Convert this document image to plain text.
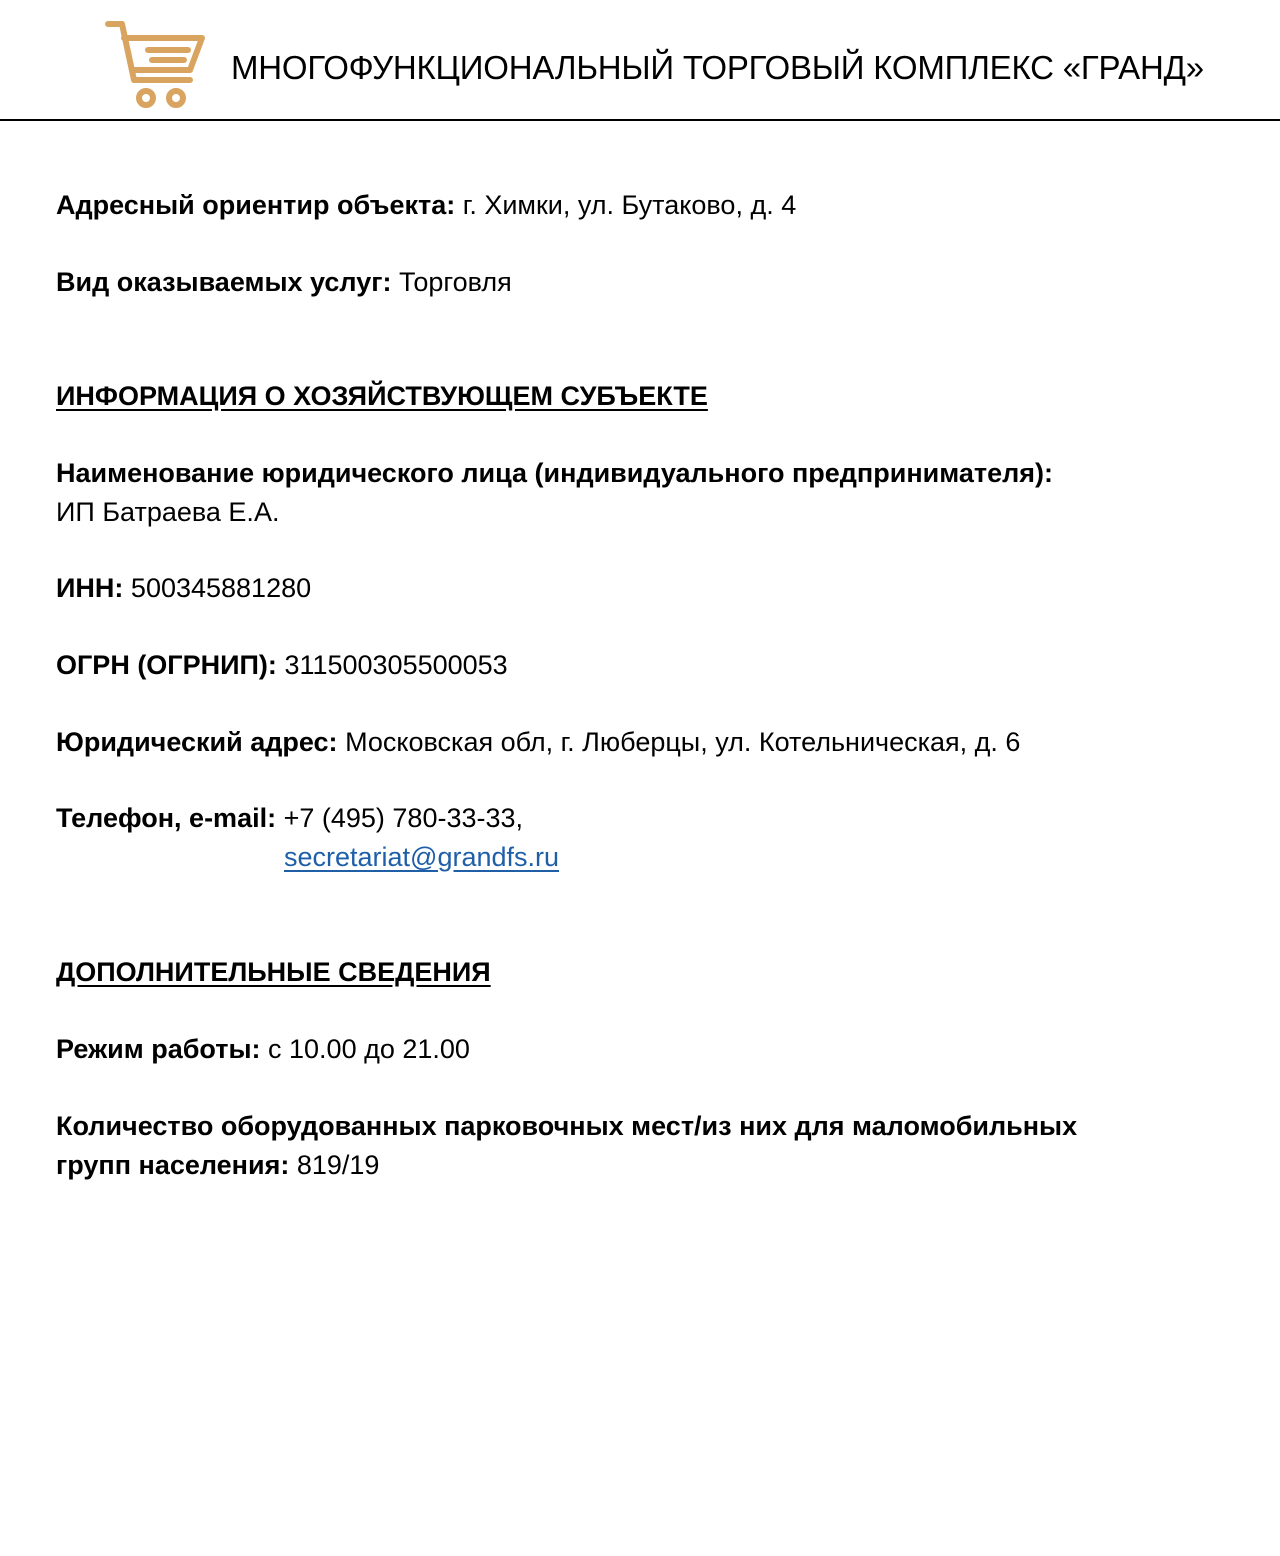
МНОГОФУНКЦИОНАЛЬНЫЙ ТОРГОВЫЙ КОМПЛЕКС «ГРАНД»
Адресный ориентир объекта: г. Химки, ул. Бутаково, д. 4
Вид оказываемых услуг: Торговля
ИНФОРМАЦИЯ О ХОЗЯЙСТВУЮЩЕМ СУБЪЕКТЕ
Наименование юридического лица (индивидуального предпринимателя):
ИП Батраева Е.А.
ИНН: 500345881280
ОГРН (ОГРНИП): 311500305500053
Юридический адрес: Московская обл, г. Люберцы, ул. Котельническая, д. 6
Телефон, e-mail: +7 (495) 780-33-33,
secretariat@grandfs.ru
ДОПОЛНИТЕЛЬНЫЕ СВЕДЕНИЯ
Режим работы: с 10.00 до 21.00
Количество оборудованных парковочных мест/из них для маломобильных
групп населения: 819/19
